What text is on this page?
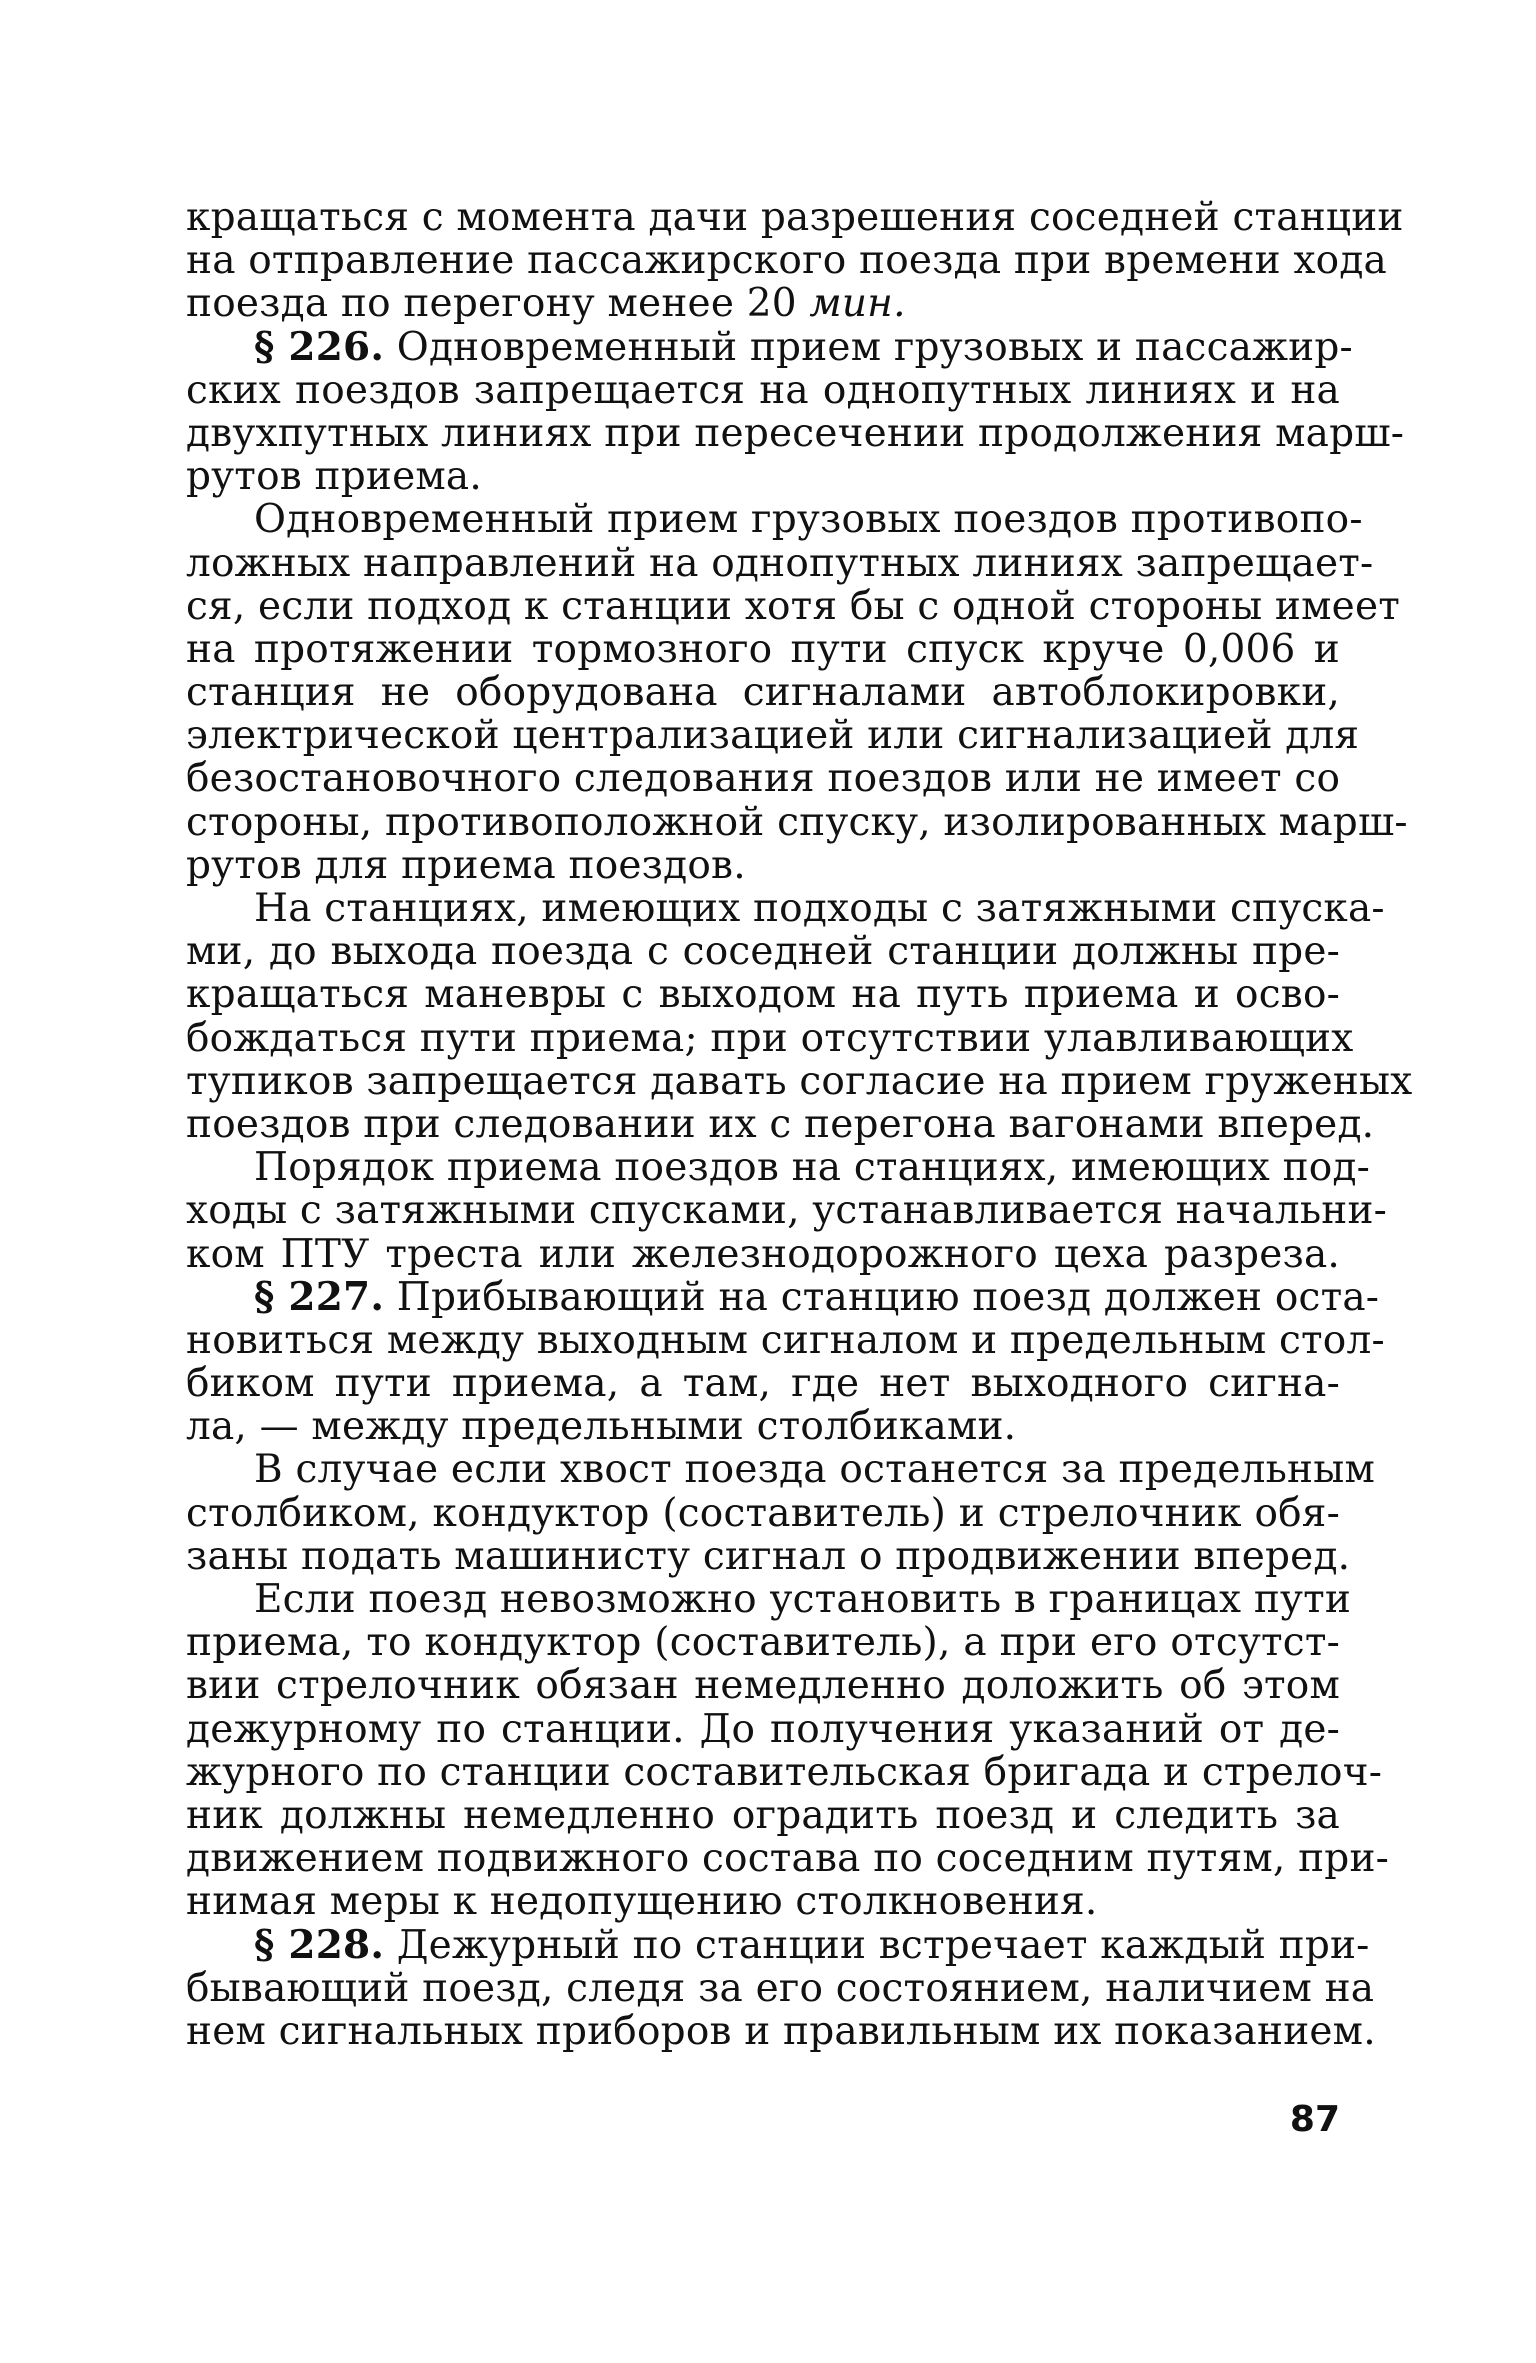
кращаться с момента дачи разрешения соседней станции
на отправление пассажирского поезда при времени хода
поезда по перегону менее 20 мин.
§ 226. Одновременный прием грузовых и пассажир-
ских поездов запрещается на однопутных линиях и на
двухпутных линиях при пересечении продолжения марш-
рутов приема.
Одновременный прием грузовых поездов противопо-
ложных направлений на однопутных линиях запрещает-
ся, если подход к станции хотя бы с одной стороны имеет
на протяжении тормозного пути спуск круче 0,006 и
станция не оборудована сигналами автоблокировки,
электрической централизацией или сигнализацией для
безостановочного следования поездов или не имеет со
стороны, противоположной спуску, изолированных марш-
рутов для приема поездов.
На станциях, имеющих подходы с затяжными спуска-
ми, до выхода поезда с соседней станции должны пре-
кращаться маневры с выходом на путь приема и осво-
бождаться пути приема; при отсутствии улавливающих
тупиков запрещается давать согласие на прием груженых
поездов при следовании их с перегона вагонами вперед.
Порядок приема поездов на станциях, имеющих под-
ходы с затяжными спусками, устанавливается начальни-
ком ПТУ треста или железнодорожного цеха разреза.
§ 227. Прибывающий на станцию поезд должен оста-
новиться между выходным сигналом и предельным стол-
биком пути приема, а там, где нет выходного сигна-
ла, — между предельными столбиками.
В случае если хвост поезда останется за предельным
столбиком, кондуктор (составитель) и стрелочник обя-
заны подать машинисту сигнал о продвижении вперед.
Если поезд невозможно установить в границах пути
приема, то кондуктор (составитель), а при его отсутст-
вии стрелочник обязан немедленно доложить об этом
дежурному по станции. До получения указаний от де-
журного по станции составительская бригада и стрелоч-
ник должны немедленно оградить поезд и следить за
движением подвижного состава по соседним путям, при-
нимая меры к недопущению столкновения.
§ 228. Дежурный по станции встречает каждый при-
бывающий поезд, следя за его состоянием, наличием на
нем сигнальных приборов и правильным их показанием.
87
